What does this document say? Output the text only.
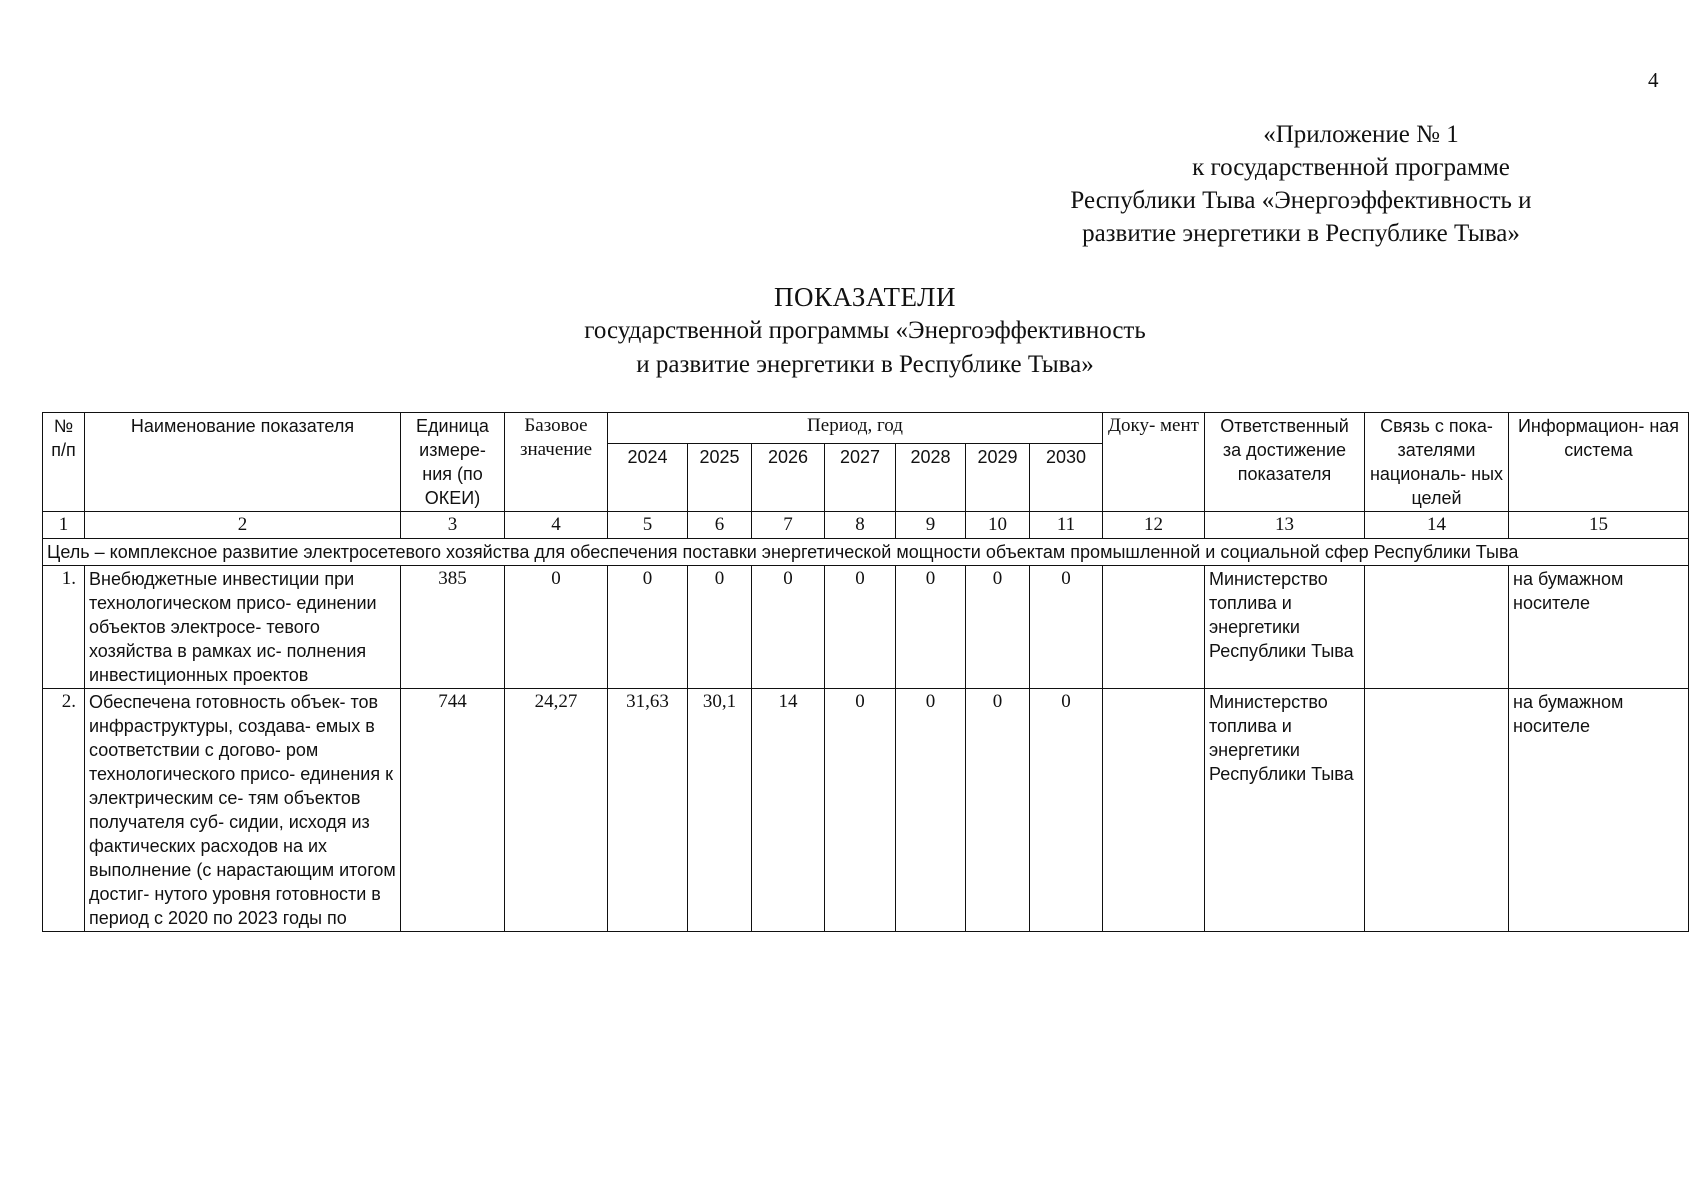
4
«Приложение № 1
к государственной программе
Республики Тыва «Энергоэффективность и
развитие энергетики в Республике Тыва»
ПОКАЗАТЕЛИ
государственной программы «Энергоэффективность
и развитие энергетики в Республике Тыва»
№ п/п	Наименование показателя	Единица измере- ния (по ОКЕИ)	Базовое значение	Период, год							Доку- мент	Ответственный за достижение показателя	Связь с пока- зателями националь- ных целей	Информацион- ная система
				2024	2025	2026	2027	2028	2029	2030				
1	2	3	4	5	6	7	8	9	10	11	12	13	14	15
Цель – комплексное развитие электросетевого хозяйства для обеспечения поставки энергетической мощности объектам промышленной и социальной сфер Республики Тыва														
1.	Внебюджетные инвестиции при технологическом присо- единении объектов электросе- тевого хозяйства в рамках ис- полнения инвестиционных проектов	385	0	0	0	0	0	0	0	0		Министерство топлива и энергетики Республики Тыва		на бумажном носителе
2.	Обеспечена готовность объек- тов инфраструктуры, создава- емых в соответствии с догово- ром технологического присо- единения к электрическим се- тям объектов получателя суб- сидии, исходя из фактических расходов на их выполнение (с нарастающим итогом достиг- нутого уровня готовности в период с 2020 по 2023 годы по	744	24,27	31,63	30,1	14	0	0	0	0		Министерство топлива и энергетики Республики Тыва		на бумажном носителе
